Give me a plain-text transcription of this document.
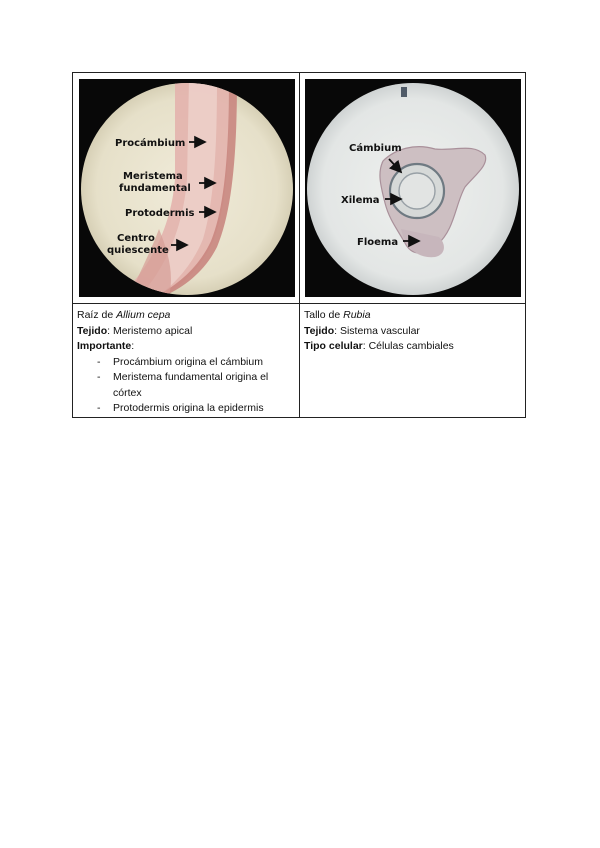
Procámbium
Meristema
fundamental
Protodermis
Centro
quiescente
Cámbium
Xilema
Floema
Raíz de Allium cepa
Tejido: Meristemo apical
Importante:
- Procámbium origina el cámbium
- Meristema fundamental origina el córtex
- Protodermis origina la epidermis
Tallo de Rubia
Tejido: Sistema vascular
Tipo celular: Células cambiales
